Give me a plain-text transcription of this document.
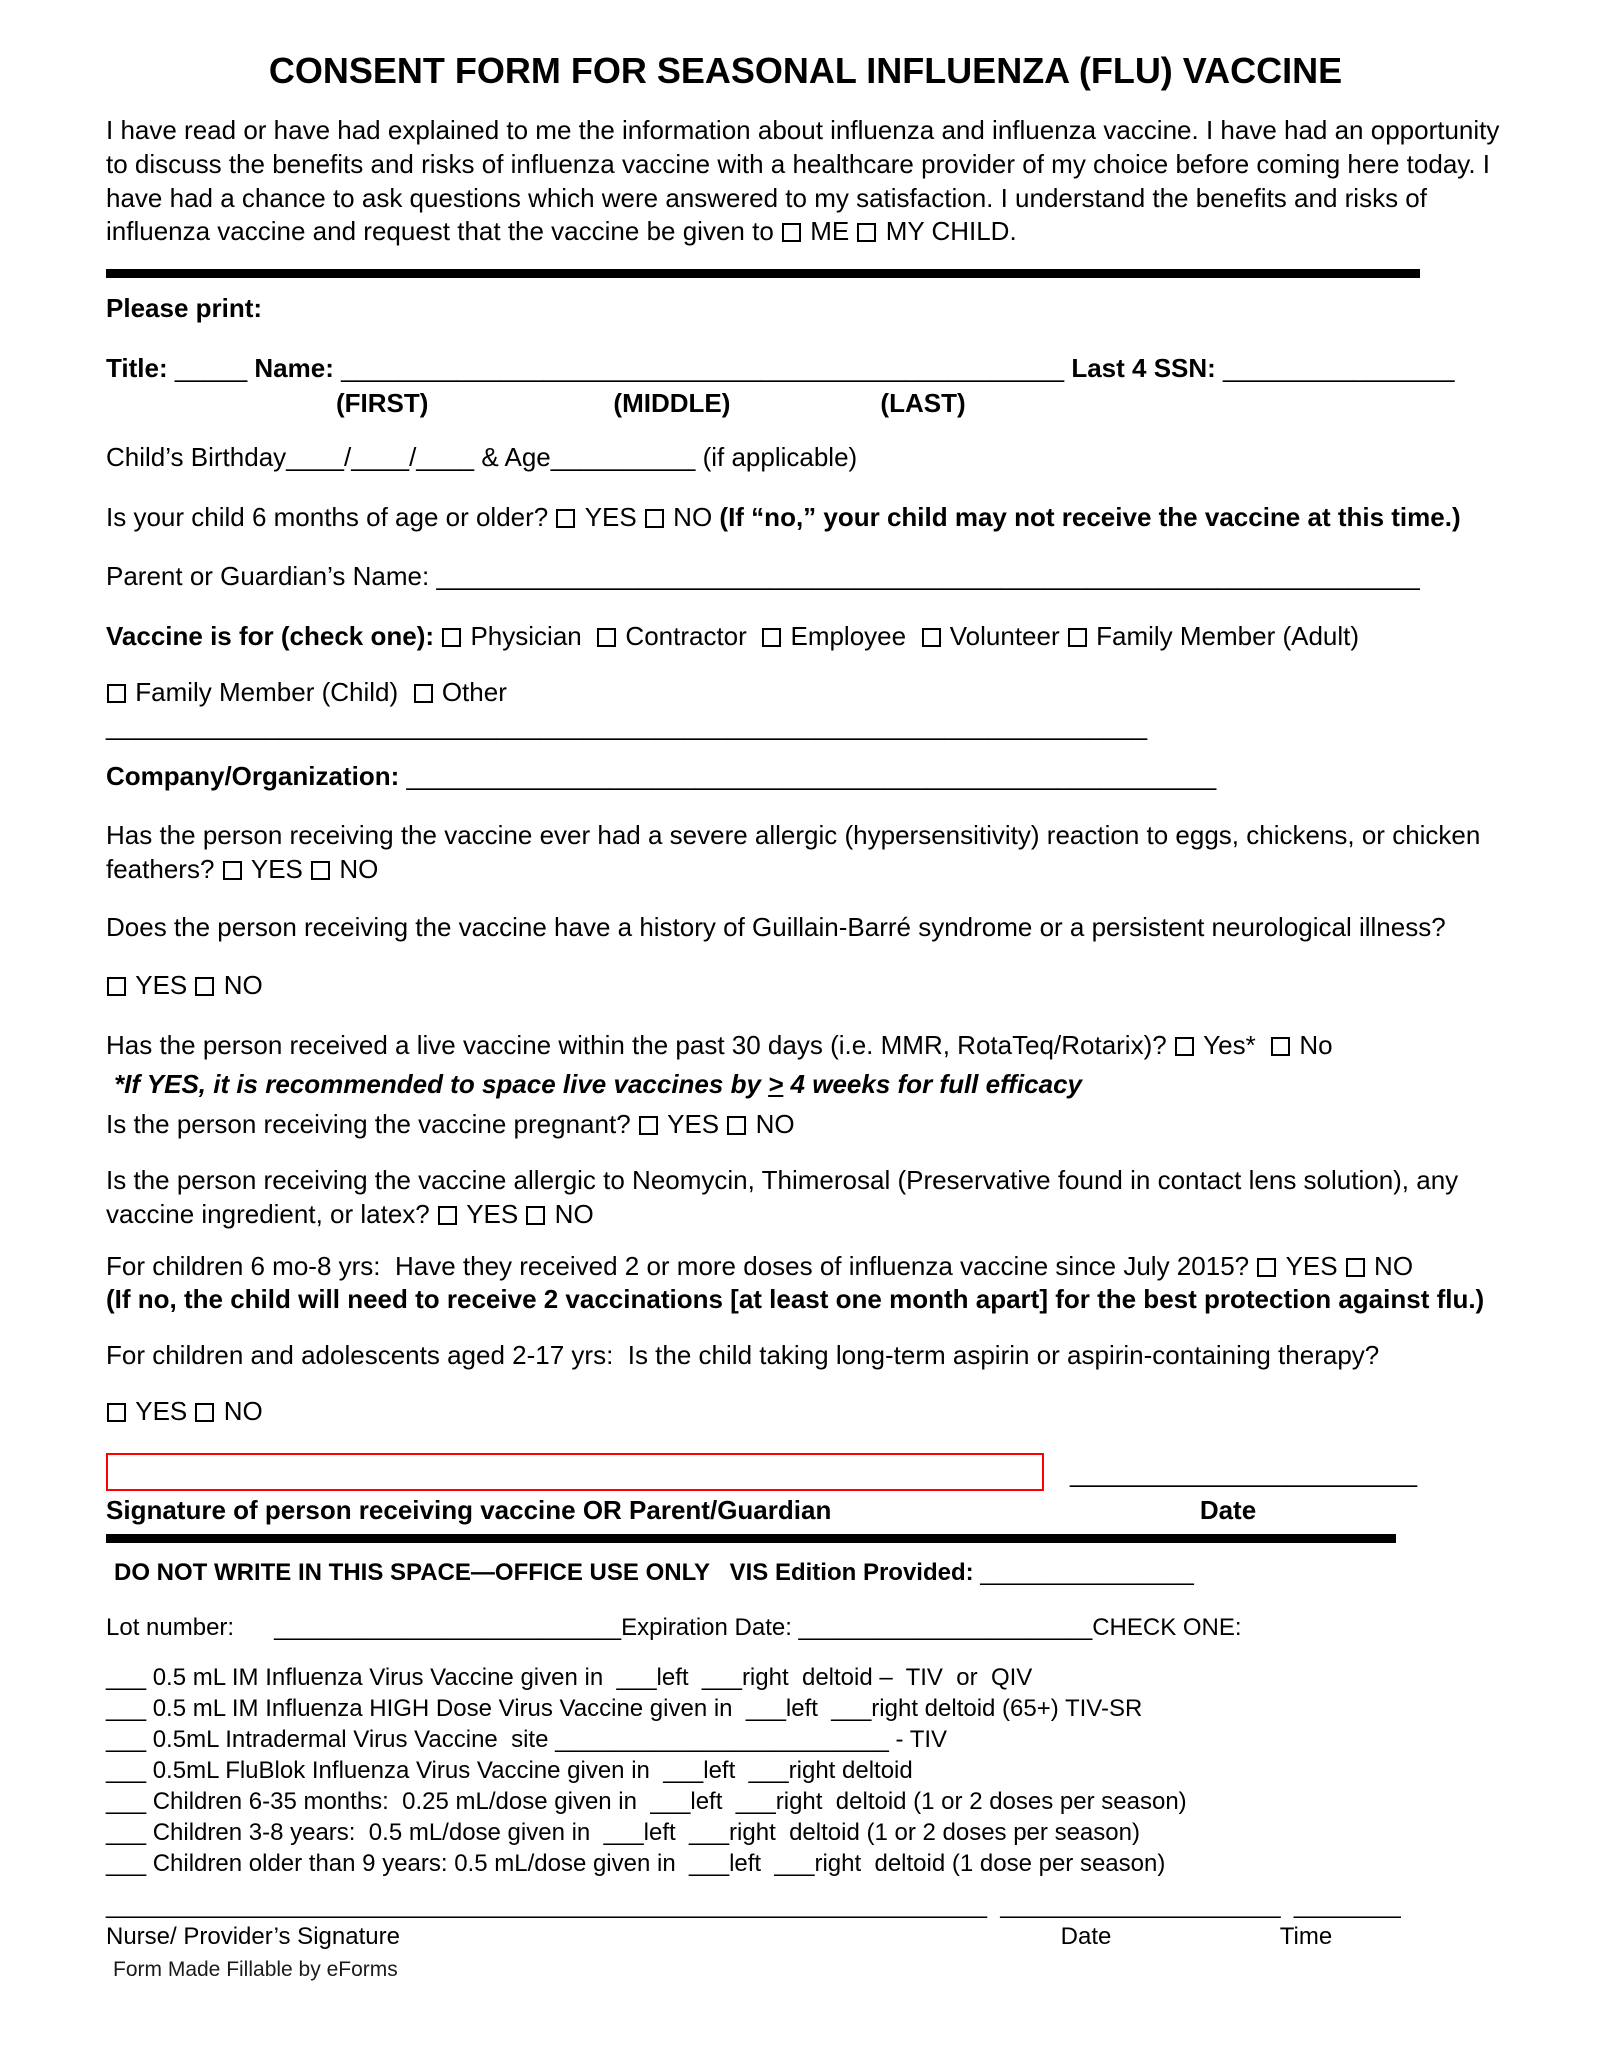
CONSENT FORM FOR SEASONAL INFLUENZA (FLU) VACCINE

I have read or have had explained to me the information about influenza and influenza vaccine. I have had an opportunity to discuss the benefits and risks of influenza vaccine with a healthcare provider of my choice before coming here today. I have had a chance to ask questions which were answered to my satisfaction. I understand the benefits and risks of influenza vaccine and request that the vaccine be given to  ME  MY CHILD.

Please print:
Title: _____ Name: __________________________________________________ Last 4 SSN: ________________
(FIRST)	(MIDDLE)	(LAST)
Child’s Birthday____/____/____ & Age__________ (if applicable)
Is your child 6 months of age or older?  YES  NO (If “no,” your child may not receive the vaccine at this time.)
Parent or Guardian’s Name: ____________________________________________________________________
Vaccine is for (check one):  Physician   Contractor   Employee   Volunteer  Family Member (Adult)
Family Member (Child)   Other ________________________________________________________________________
Company/Organization: ________________________________________________________
Has the person receiving the vaccine ever had a severe allergic (hypersensitivity) reaction to eggs, chickens, or chicken feathers?  YES  NO
Does the person receiving the vaccine have a history of Guillain-Barré syndrome or a persistent neurological illness?
YES  NO
Has the person received a live vaccine within the past 30 days (i.e. MMR, RotaTeq/Rotarix)?  Yes*   No
*If YES, it is recommended to space live vaccines by > 4 weeks for full efficacy
Is the person receiving the vaccine pregnant?  YES  NO
Is the person receiving the vaccine allergic to Neomycin, Thimerosal (Preservative found in contact lens solution), any vaccine ingredient, or latex?  YES  NO
For children 6 mo-8 yrs:  Have they received 2 or more doses of influenza vaccine since July 2015?  YES  NO
(If no, the child will need to receive 2 vaccinations [at least one month apart] for the best protection against flu.)
For children and adolescents aged 2-17 yrs:  Is the child taking long-term aspirin or aspirin-containing therapy?
YES  NO
________________________
Signature of person receiving vaccine OR Parent/Guardian	Date
DO NOT WRITE IN THIS SPACE—OFFICE USE ONLY   VIS Edition Provided: ________________
Lot number:      __________________________Expiration Date: ______________________CHECK ONE:
___ 0.5 mL IM Influenza Virus Vaccine given in  ___left  ___right  deltoid –  TIV  or  QIV
___ 0.5 mL IM Influenza HIGH Dose Virus Vaccine given in  ___left  ___right deltoid (65+) TIV-SR
___ 0.5mL Intradermal Virus Vaccine  site _________________________ - TIV
___ 0.5mL FluBlok Influenza Virus Vaccine given in  ___left  ___right deltoid
___ Children 6-35 months:  0.25 mL/dose given in  ___left  ___right  deltoid (1 or 2 doses per season)
___ Children 3-8 years:  0.5 mL/dose given in  ___left  ___right  deltoid (1 or 2 doses per season)
___ Children older than 9 years: 0.5 mL/dose given in  ___left  ___right  deltoid (1 dose per season)
__________________________________________________________________  _____________________  ________
Nurse/ Provider’s Signature	Date	Time
Form Made Fillable by eForms
